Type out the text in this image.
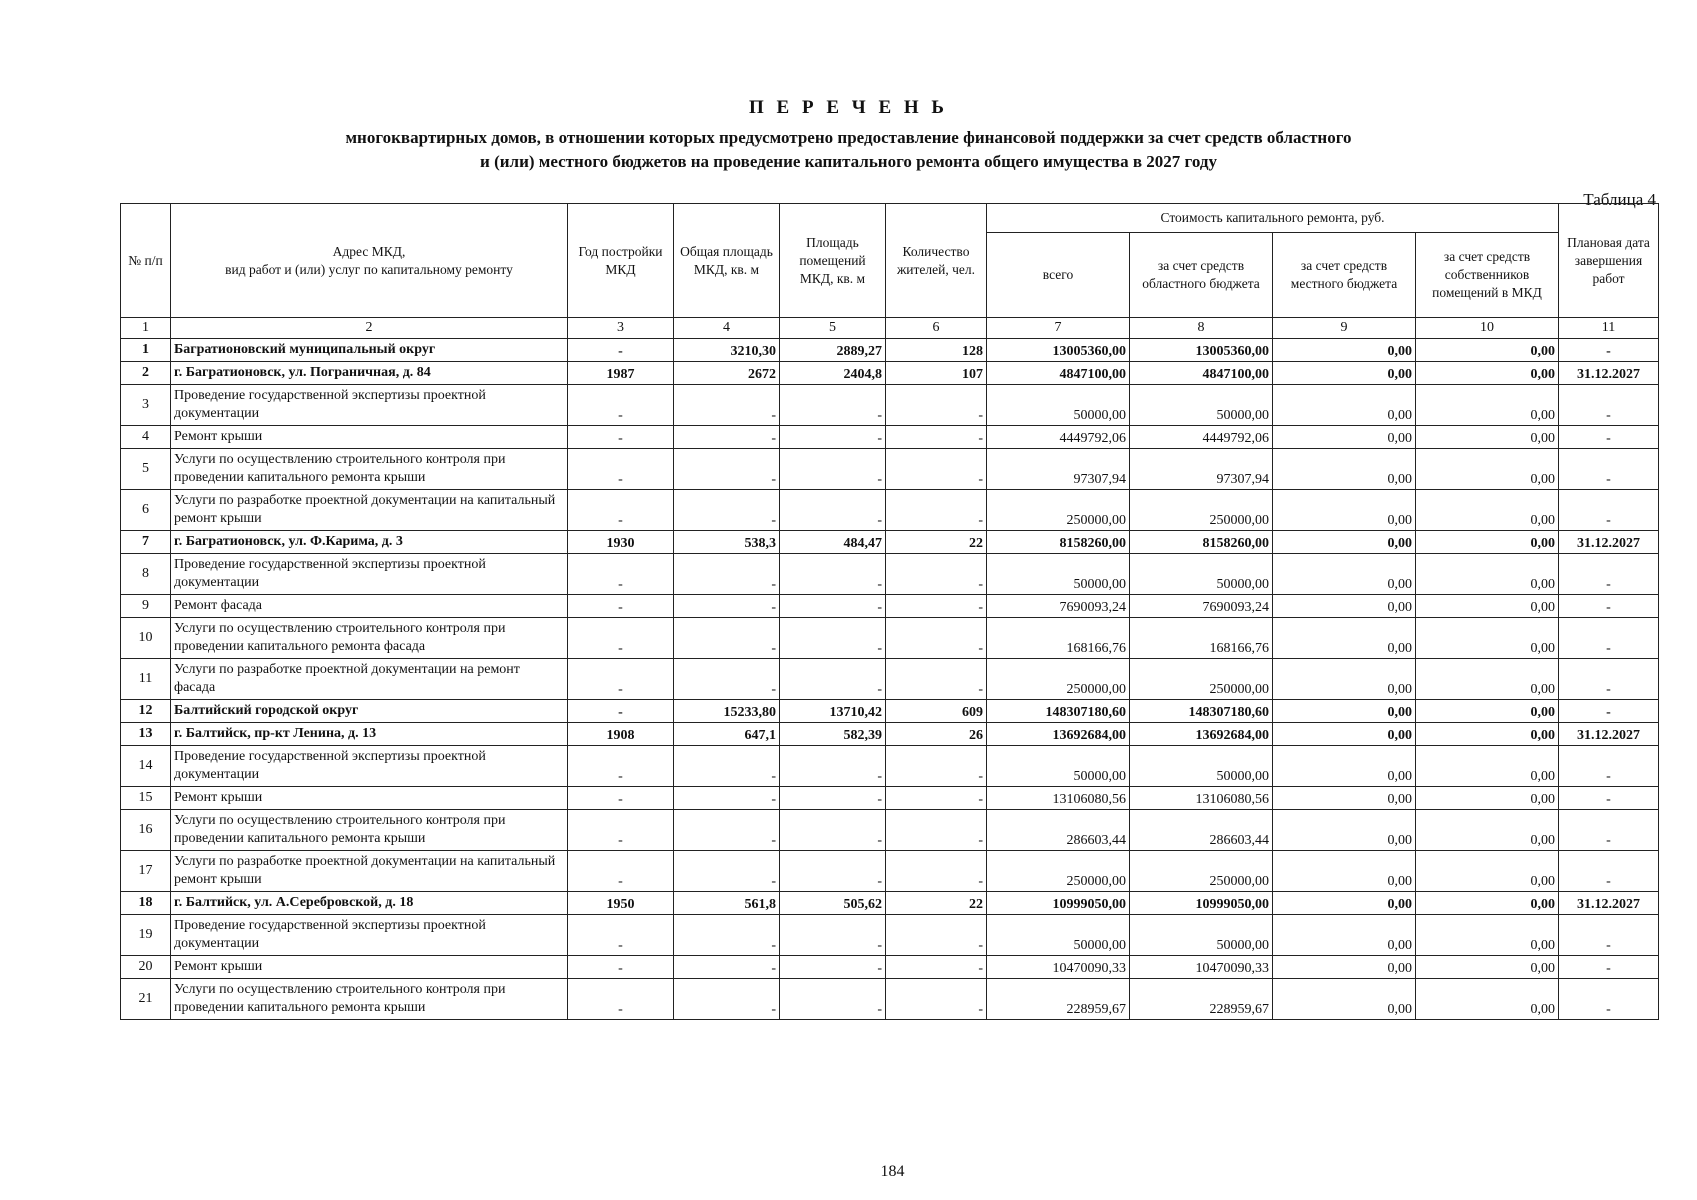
П Е Р Е Ч Е Н Ь
многоквартирных домов, в отношении которых предусмотрено предоставление финансовой поддержки за счет средств областного
и (или) местного бюджетов на проведение капитального ремонта общего имущества в 2027 году
Таблица 4
№ п/п	Адрес МКД,
вид работ и (или) услуг по капитальному ремонту	Год постройки МКД	Общая площадь МКД, кв. м	Площадь помещений МКД, кв. м	Количество жителей, чел.	Стоимость капитального ремонта, руб.				Плановая дата завершения работ
						всего	за счет средств областного бюджета	за счет средств местного бюджета	за счет средств собственников помещений в МКД	
1	2	3	4	5	6	7	8	9	10	11
1	Багратионовский муниципальный округ	-	3210,30	2889,27	128	13005360,00	13005360,00	0,00	0,00	-
2	г. Багратионовск, ул. Пограничная, д. 84	1987	2672	2404,8	107	4847100,00	4847100,00	0,00	0,00	31.12.2027
3	Проведение государственной экспертизы проектной документации	-	-	-	-	50000,00	50000,00	0,00	0,00	-
4	Ремонт крыши	-	-	-	-	4449792,06	4449792,06	0,00	0,00	-
5	Услуги по осуществлению строительного контроля при проведении капитального ремонта крыши	-	-	-	-	97307,94	97307,94	0,00	0,00	-
6	Услуги по разработке проектной документации на капитальный ремонт крыши	-	-	-	-	250000,00	250000,00	0,00	0,00	-
7	г. Багратионовск, ул. Ф.Карима, д. 3	1930	538,3	484,47	22	8158260,00	8158260,00	0,00	0,00	31.12.2027
8	Проведение государственной экспертизы проектной документации	-	-	-	-	50000,00	50000,00	0,00	0,00	-
9	Ремонт фасада	-	-	-	-	7690093,24	7690093,24	0,00	0,00	-
10	Услуги по осуществлению строительного контроля при проведении капитального ремонта фасада	-	-	-	-	168166,76	168166,76	0,00	0,00	-
11	Услуги по разработке проектной документации на ремонт фасада	-	-	-	-	250000,00	250000,00	0,00	0,00	-
12	Балтийский городской округ	-	15233,80	13710,42	609	148307180,60	148307180,60	0,00	0,00	-
13	г. Балтийск, пр-кт Ленина, д. 13	1908	647,1	582,39	26	13692684,00	13692684,00	0,00	0,00	31.12.2027
14	Проведение государственной экспертизы проектной документации	-	-	-	-	50000,00	50000,00	0,00	0,00	-
15	Ремонт крыши	-	-	-	-	13106080,56	13106080,56	0,00	0,00	-
16	Услуги по осуществлению строительного контроля при проведении капитального ремонта крыши	-	-	-	-	286603,44	286603,44	0,00	0,00	-
17	Услуги по разработке проектной документации на капитальный ремонт крыши	-	-	-	-	250000,00	250000,00	0,00	0,00	-
18	г. Балтийск, ул. А.Серебровской, д. 18	1950	561,8	505,62	22	10999050,00	10999050,00	0,00	0,00	31.12.2027
19	Проведение государственной экспертизы проектной документации	-	-	-	-	50000,00	50000,00	0,00	0,00	-
20	Ремонт крыши	-	-	-	-	10470090,33	10470090,33	0,00	0,00	-
21	Услуги по осуществлению строительного контроля при проведении капитального ремонта крыши	-	-	-	-	228959,67	228959,67	0,00	0,00	-
184
